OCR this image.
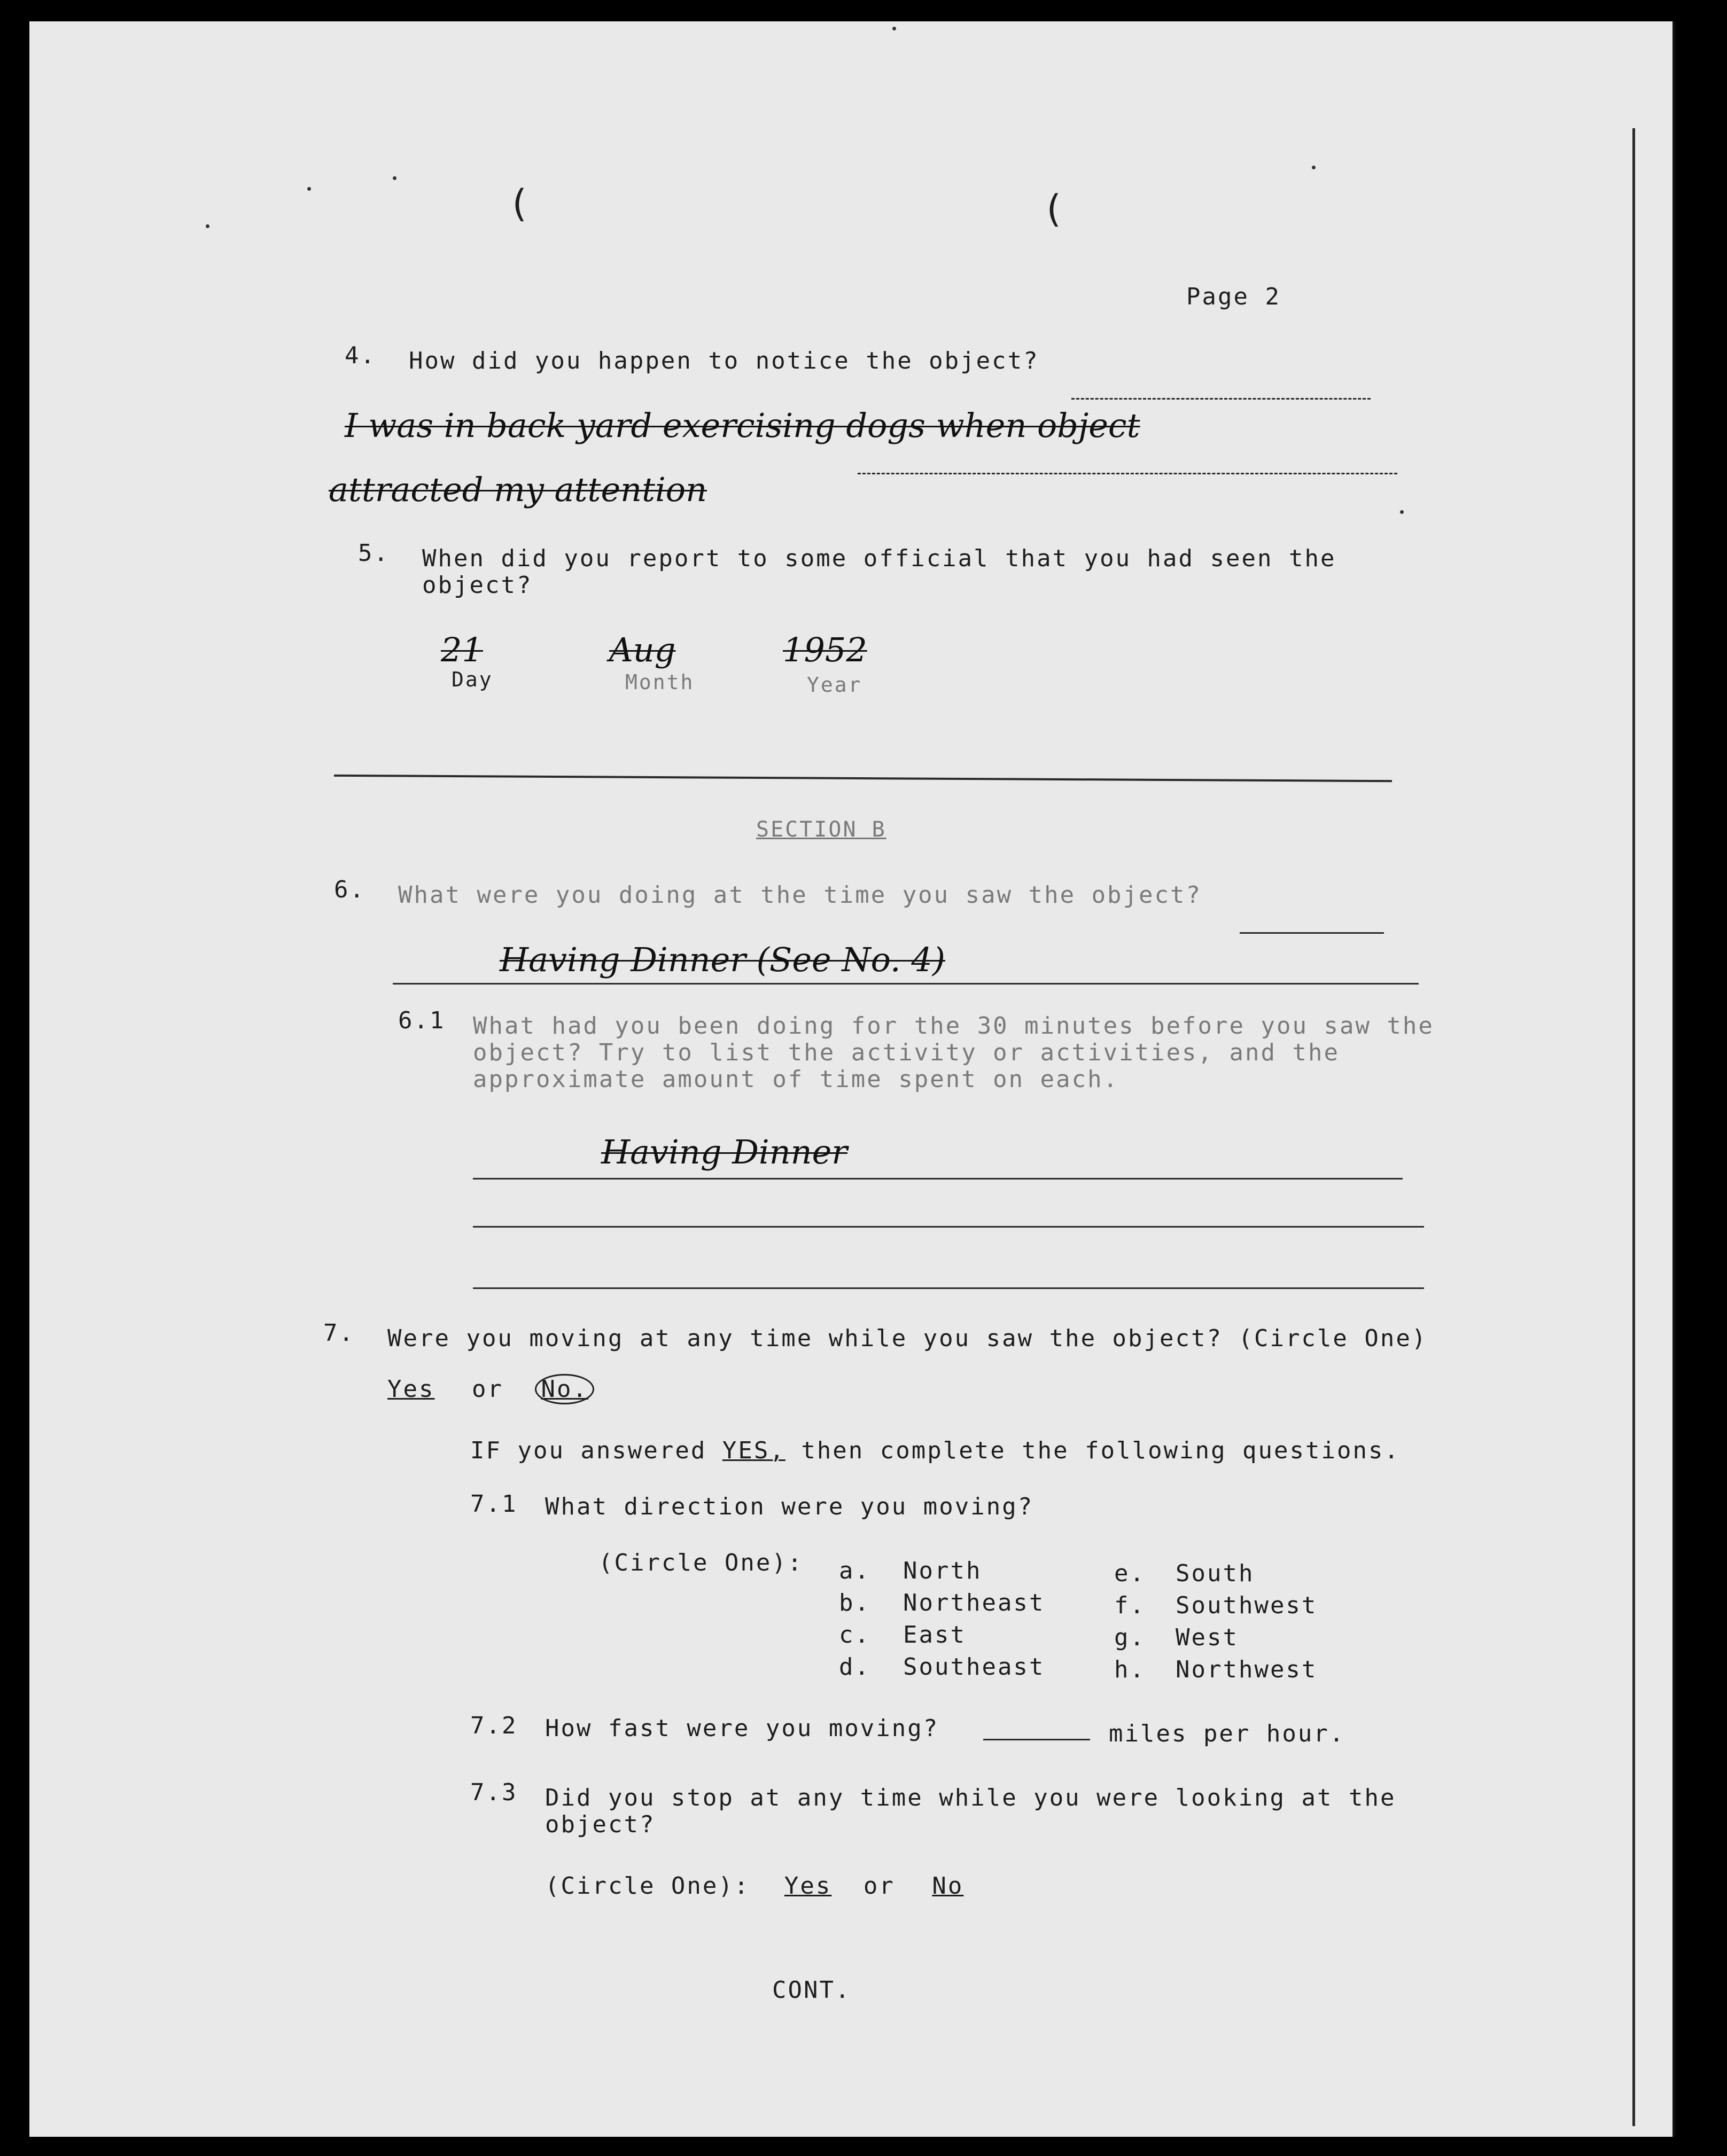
(	(
Page 2
4. How did you happen to notice the object?
I was in back yard exercising dogs when object
attracted my attention
5. When did you report to some official that you had seen the
object?
21
Day
Aug
Month
1952
Year
SECTION B
6. What were you doing at the time you saw the object?
Having Dinner (See No. 4)
6.1 What had you been doing for the 30 minutes before you saw the
object? Try to list the activity or activities, and the
approximate amount of time spent on each.
Having Dinner
7. Were you moving at any time while you saw the object? (Circle One)
Yes or No.
IF you answered YES, then complete the following questions.
7.1 What direction were you moving?
(Circle One): a. North
b. Northeast
c. East
d. Southeast
e. South
f. Southwest
g. West
h. Northwest
7.2 How fast were you moving?	miles per hour.
7.3 Did you stop at any time while you were looking at the
object?
(Circle One): Yes or No
CONT.
